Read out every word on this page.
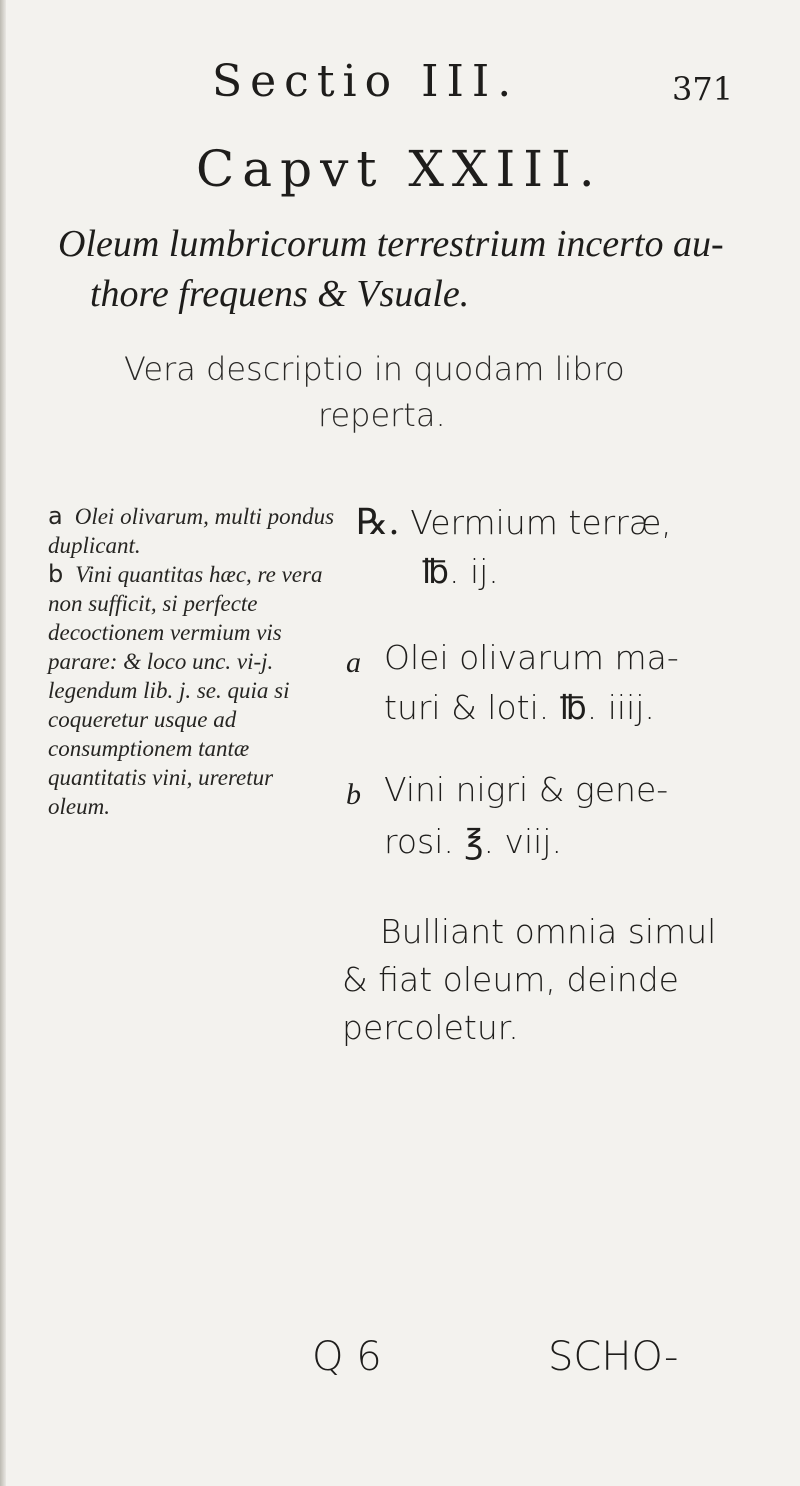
Sectio III.	371
Capvt XXIII.
Oleum lumbricorum terrestrium incerto au-
thore frequens & Vsuale.
Vera descriptio in quodam libro
reperta.

a Olei olivarum, multi pondus duplicant.

b Vini quantitas hæc, re vera non sufficit, si perfecte decoctionem vermium vis parare: & loco unc. vi-j. legendum lib. j. se. quia si coqueretur usque ad consumptionem tantæ quantitatis vini, ureretur oleum.

℞. Vermium terræ,
℔. ij.
a Olei olivarum ma-
turi & loti. ℔. iiij.
b Vini nigri & gene-
rosi. ℥. viij.
Bulliant omnia simul
& fiat oleum, deinde
percoletur.
Q 6	SCHO-
